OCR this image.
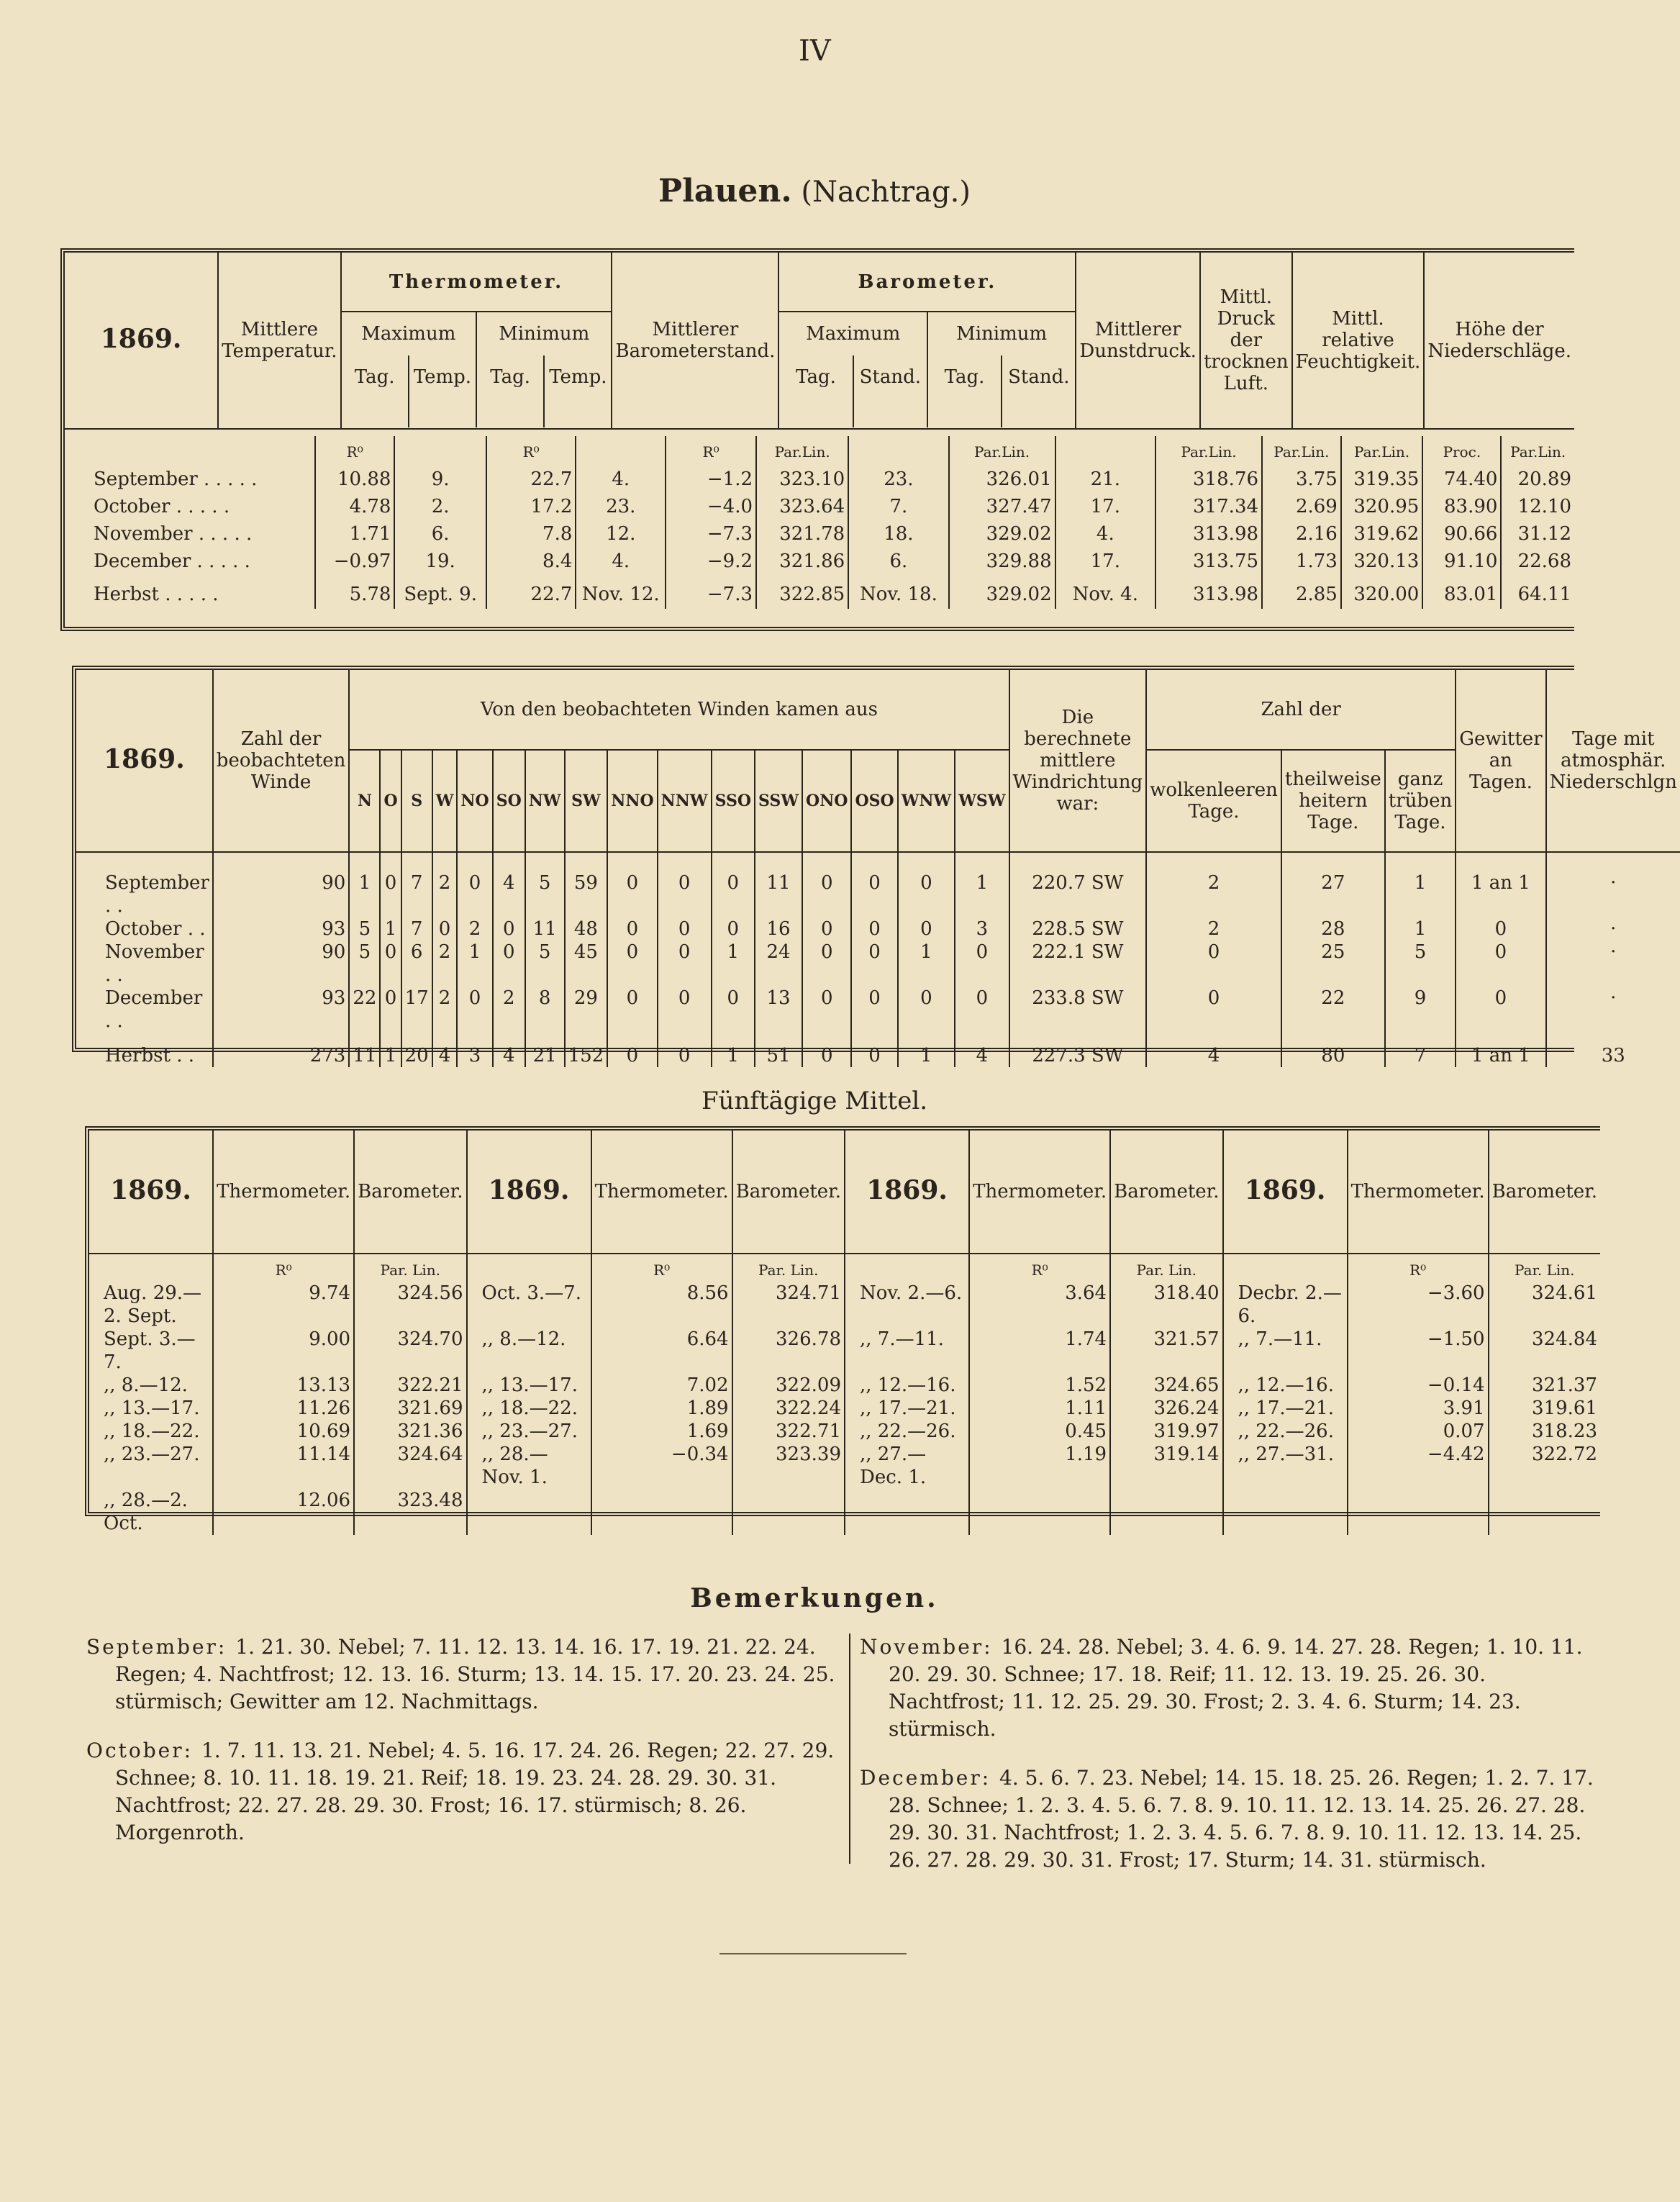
IV
Plauen. (Nachtrag.)
1869.	Mittlere Temperatur.	
Thermometer.
Maximum	Minimum
Tag.	Temp.	Tag.	Temp.
	Mittlerer Barometerstand.	
Barometer.
Maximum	Minimum
Tag.	Stand.	Tag.	Stand.
	Mittlerer Dunstdruck.	Mittl. Druck der trocknen Luft.	Mittl. relative Feuchtigkeit.	Höhe der Niederschläge.
	R⁰		R⁰		R⁰	Par.Lin.		Par.Lin.		Par.Lin.	Par.Lin.	Par.Lin.	Proc.	Par.Lin.
September . . . . .	10.88	9.	22.7	4.	−1.2	323.10	23.	326.01	21.	318.76	3.75	319.35	74.40	20.89
October . . . . .	4.78	2.	17.2	23.	−4.0	323.64	7.	327.47	17.	317.34	2.69	320.95	83.90	12.10
November . . . . .	1.71	6.	7.8	12.	−7.3	321.78	18.	329.02	4.	313.98	2.16	319.62	90.66	31.12
December . . . . .	−0.97	19.	8.4	4.	−9.2	321.86	6.	329.88	17.	313.75	1.73	320.13	91.10	22.68
Herbst . . . . .	5.78	Sept. 9.	22.7	Nov. 12.	−7.3	322.85	Nov. 18.	329.02	Nov. 4.	313.98	2.85	320.00	83.01	64.11
1869.	Zahl der beobachteten Winde	Von den beobachteten Winden kamen aus																Die berechnete mittlere Windrichtung war:	Zahl der			Gewitter an Tagen.	Tage mit atmosphär. Niederschlgn
		N	O	S	W	NO	SO	NW	SW	NNO	NNW	SSO	SSW	ONO	OSO	WNW	WSW		wolkenleeren Tage.	theilweise heitern Tage.	ganz trüben Tage.		
September . .	90	1	0	7	2	0	4	5	59	0	0	0	11	0	0	0	1	220.7 SW	2	27	1	1 an 1	·
October . .	93	5	1	7	0	2	0	11	48	0	0	0	16	0	0	0	3	228.5 SW	2	28	1	0	·
November . .	90	5	0	6	2	1	0	5	45	0	0	1	24	0	0	1	0	222.1 SW	0	25	5	0	·
December . .	93	22	0	17	2	0	2	8	29	0	0	0	13	0	0	0	0	233.8 SW	0	22	9	0	·
Herbst . .	273	11	1	20	4	3	4	21	152	0	0	1	51	0	0	1	4	227.3 SW	4	80	7	1 an 1	33
Fünftägige Mittel.
1869.	Thermometer.	Barometer.	1869.	Thermometer.	Barometer.	1869.	Thermometer.	Barometer.	1869.	Thermometer.	Barometer.
	R⁰	Par. Lin.		R⁰	Par. Lin.		R⁰	Par. Lin.		R⁰	Par. Lin.
Aug. 29.—2. Sept.	9.74	324.56	Oct. 3.—7.	8.56	324.71	Nov. 2.—6.	3.64	318.40	Decbr. 2.—6.	−3.60	324.61
Sept. 3.—7.	9.00	324.70	,, 8.—12.	6.64	326.78	,, 7.—11.	1.74	321.57	,, 7.—11.	−1.50	324.84
,, 8.—12.	13.13	322.21	,, 13.—17.	7.02	322.09	,, 12.—16.	1.52	324.65	,, 12.—16.	−0.14	321.37
,, 13.—17.	11.26	321.69	,, 18.—22.	1.89	322.24	,, 17.—21.	1.11	326.24	,, 17.—21.	3.91	319.61
,, 18.—22.	10.69	321.36	,, 23.—27.	1.69	322.71	,, 22.—26.	0.45	319.97	,, 22.—26.	0.07	318.23
,, 23.—27.	11.14	324.64	,, 28.—Nov. 1.	−0.34	323.39	,, 27.—Dec. 1.	1.19	319.14	,, 27.—31.	−4.42	322.72
,, 28.—2. Oct.	12.06	323.48									
Bemerkungen.
September: 1. 21. 30. Nebel; 7. 11. 12. 13. 14. 16. 17. 19. 21. 22. 24. Regen; 4. Nachtfrost; 12. 13. 16. Sturm; 13. 14. 15. 17. 20. 23. 24. 25. stürmisch; Gewitter am 12. Nachmittags.
October: 1. 7. 11. 13. 21. Nebel; 4. 5. 16. 17. 24. 26. Regen; 22. 27. 29. Schnee; 8. 10. 11. 18. 19. 21. Reif; 18. 19. 23. 24. 28. 29. 30. 31. Nachtfrost; 22. 27. 28. 29. 30. Frost; 16. 17. stürmisch; 8. 26. Morgenroth.
November: 16. 24. 28. Nebel; 3. 4. 6. 9. 14. 27. 28. Regen; 1. 10. 11. 20. 29. 30. Schnee; 17. 18. Reif; 11. 12. 13. 19. 25. 26. 30. Nachtfrost; 11. 12. 25. 29. 30. Frost; 2. 3. 4. 6. Sturm; 14. 23. stürmisch.
December: 4. 5. 6. 7. 23. Nebel; 14. 15. 18. 25. 26. Regen; 1. 2. 7. 17. 28. Schnee; 1. 2. 3. 4. 5. 6. 7. 8. 9. 10. 11. 12. 13. 14. 25. 26. 27. 28. 29. 30. 31. Nachtfrost; 1. 2. 3. 4. 5. 6. 7. 8. 9. 10. 11. 12. 13. 14. 25. 26. 27. 28. 29. 30. 31. Frost; 17. Sturm; 14. 31. stürmisch.
